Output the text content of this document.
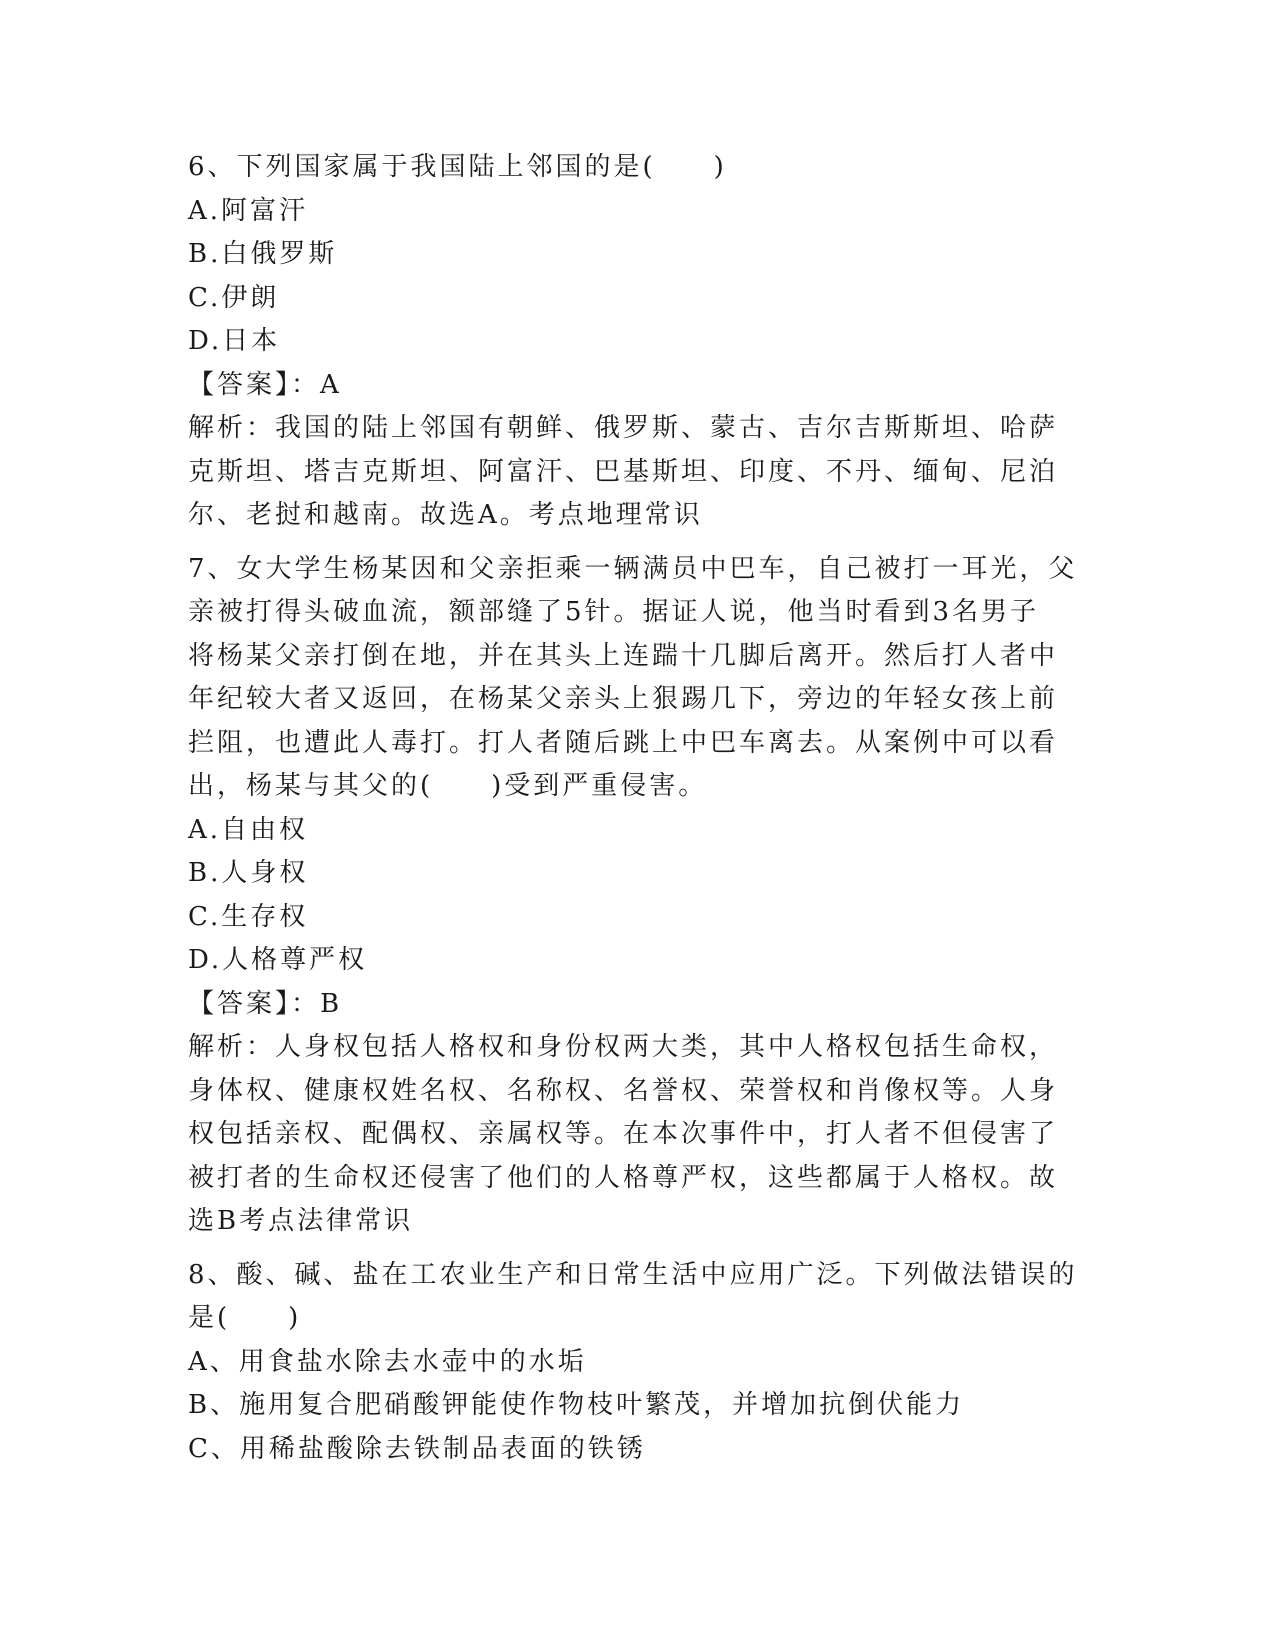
6、下列国家属于我国陆上邻国的是(　　)
A.阿富汗
B.白俄罗斯
C.伊朗
D.日本
【答案】：A
解析：我国的陆上邻国有朝鲜、俄罗斯、蒙古、吉尔吉斯斯坦、哈萨
克斯坦、塔吉克斯坦、阿富汗、巴基斯坦、印度、不丹、缅甸、尼泊
尔、老挝和越南。故选A。考点地理常识
7、女大学生杨某因和父亲拒乘一辆满员中巴车，自己被打一耳光，父
亲被打得头破血流，额部缝了5针。据证人说，他当时看到3名男子
将杨某父亲打倒在地，并在其头上连踹十几脚后离开。然后打人者中
年纪较大者又返回，在杨某父亲头上狠踢几下，旁边的年轻女孩上前
拦阻，也遭此人毒打。打人者随后跳上中巴车离去。从案例中可以看
出，杨某与其父的(　　)受到严重侵害。
A.自由权
B.人身权
C.生存权
D.人格尊严权
【答案】：B
解析：人身权包括人格权和身份权两大类，其中人格权包括生命权，
身体权、健康权姓名权、名称权、名誉权、荣誉权和肖像权等。人身
权包括亲权、配偶权、亲属权等。在本次事件中，打人者不但侵害了
被打者的生命权还侵害了他们的人格尊严权，这些都属于人格权。故
选B考点法律常识
8、酸、碱、盐在工农业生产和日常生活中应用广泛。下列做法错误的
是(　　)
A、用食盐水除去水壶中的水垢
B、施用复合肥硝酸钾能使作物枝叶繁茂，并增加抗倒伏能力
C、用稀盐酸除去铁制品表面的铁锈
